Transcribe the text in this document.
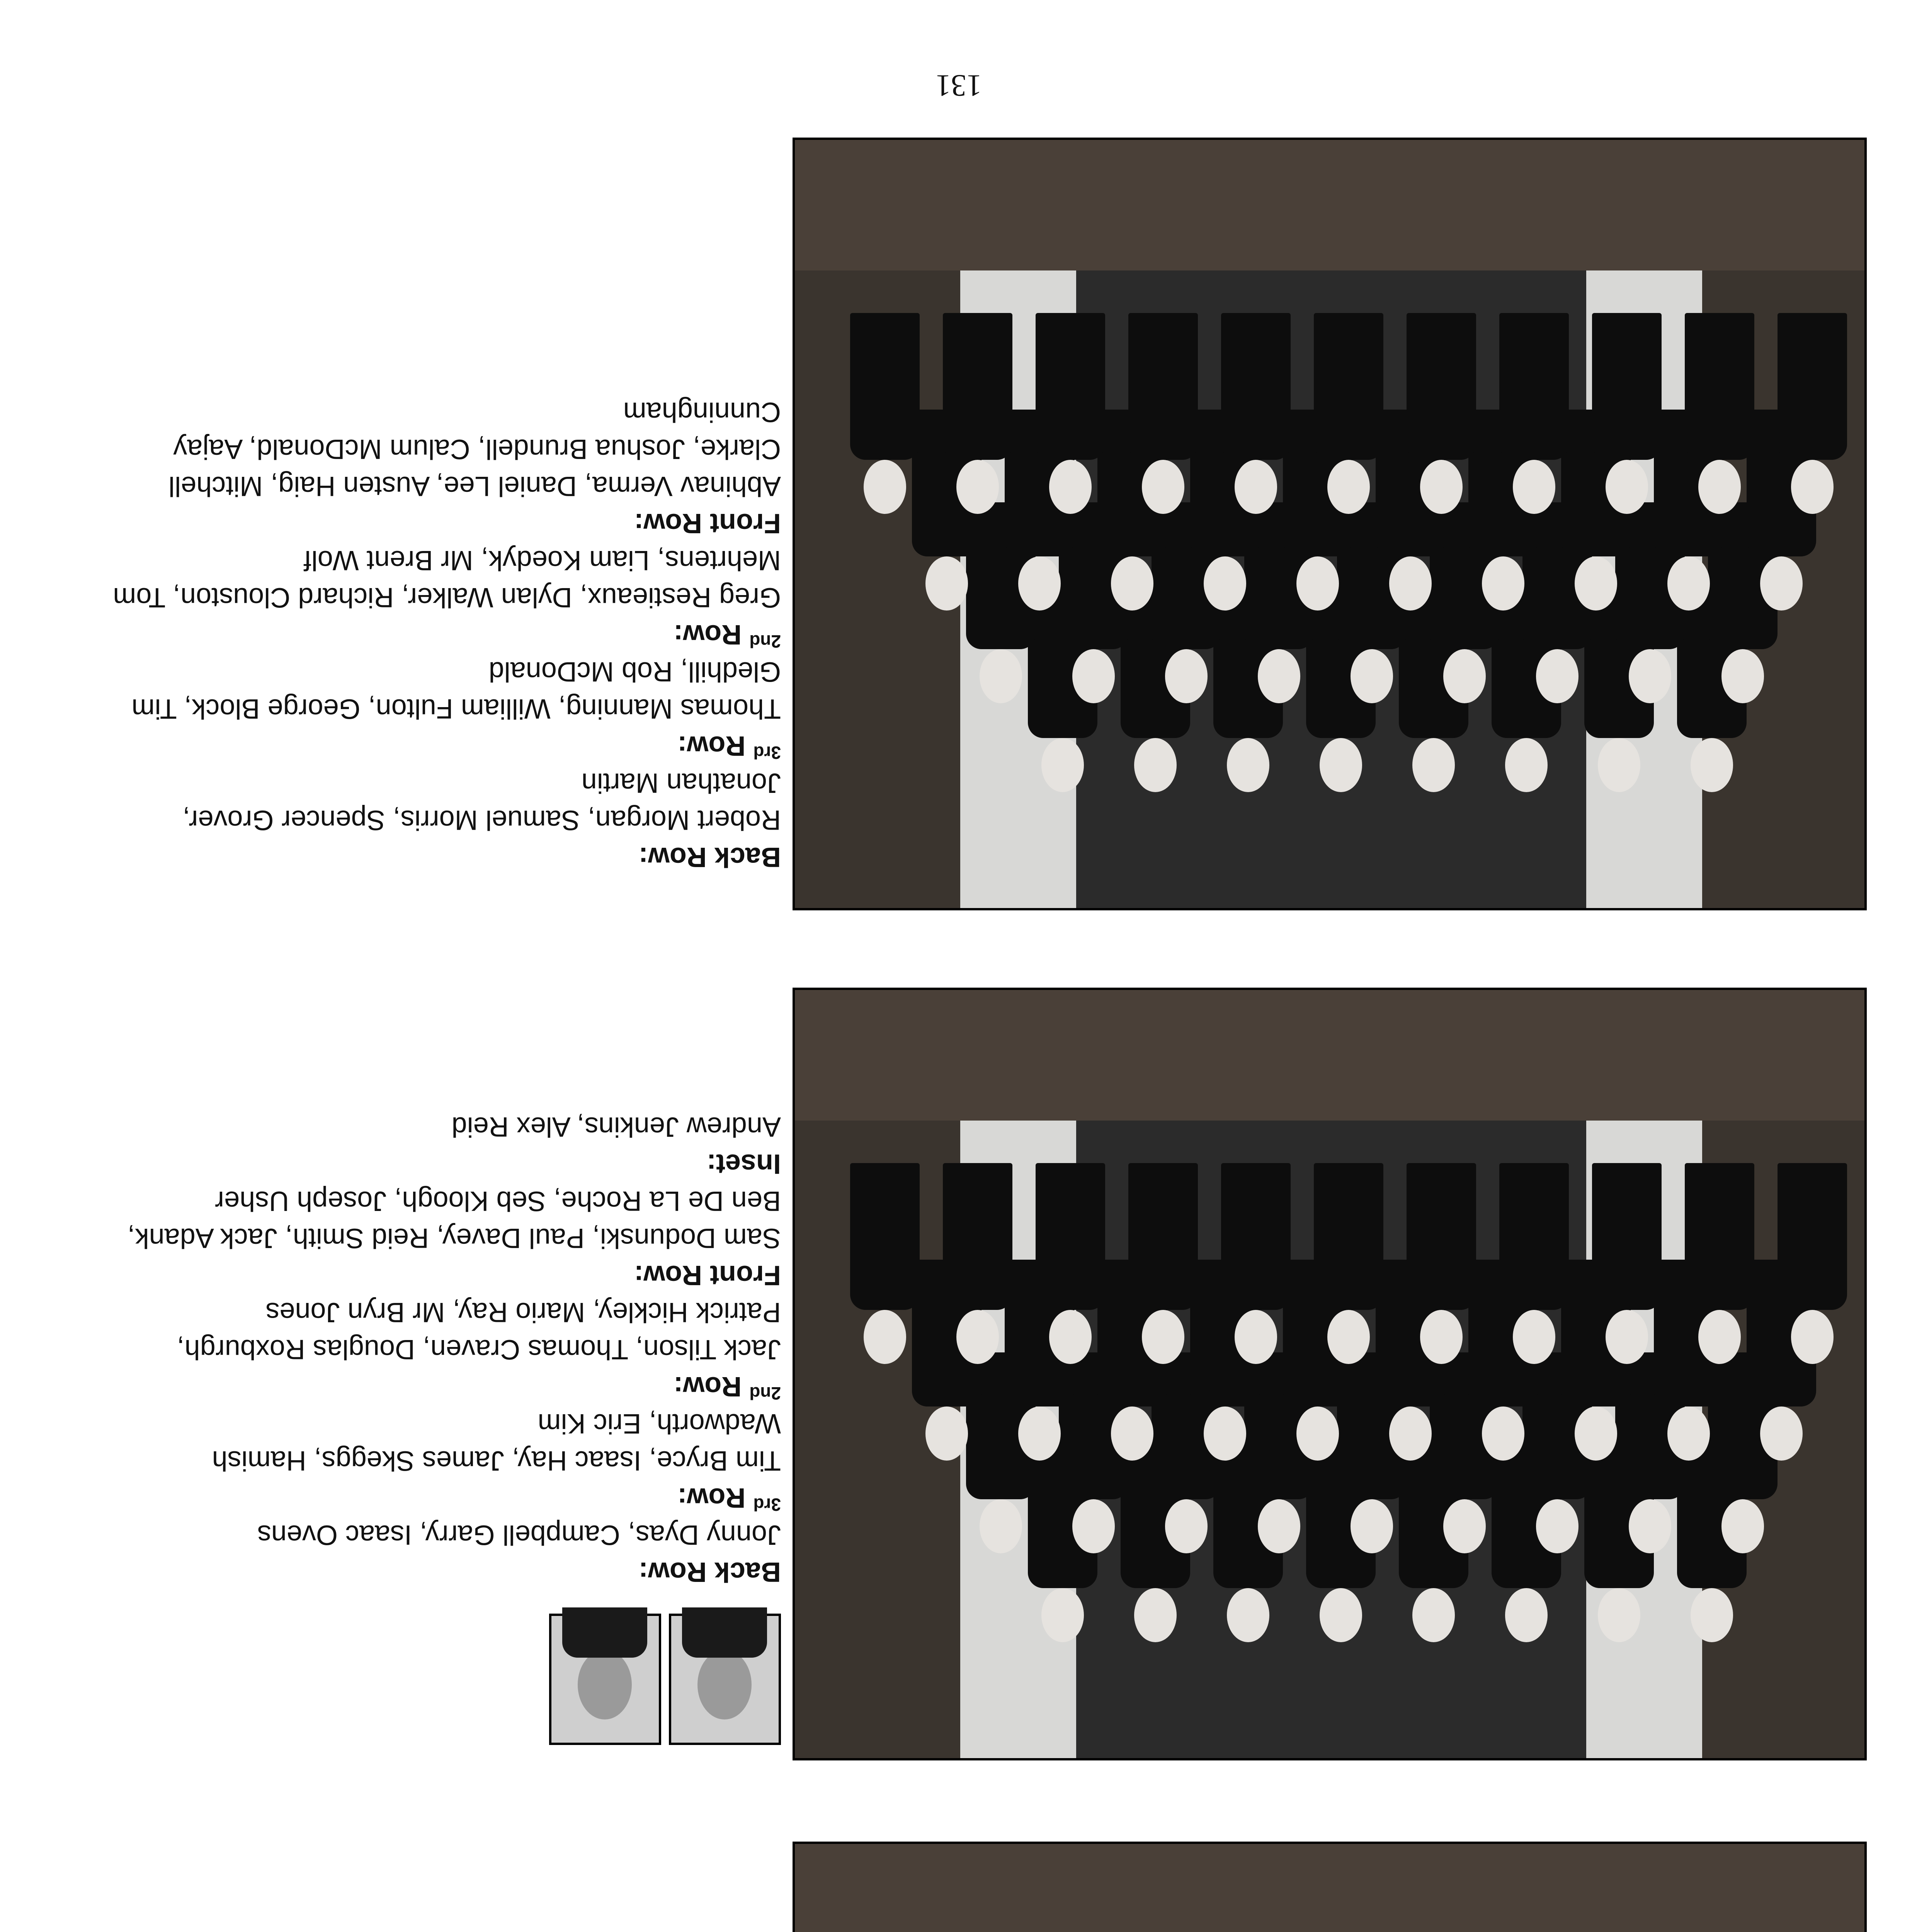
Back Row:
Jonny Dyas, Campbell Garry, Isaac Ovens
$^{3rd}$ Row:
Tim Bryce, Isaac Hay, James Skeggs, Hamish Wadworth, Eric Kim
$^{2nd}$ Row:
Jack Tilson, Thomas Craven, Douglas Roxburgh, Patrick Hickley, Mario Ray, Mr Bryn Jones
Front Row:
Sam Dodunski, Paul Davey, Reid Smith, Jack Adank, Ben De La Roche, Seb Kloogh, Joseph Usher
Inset:
Andrew Jenkins, Alex Reid
Back Row:
Robert Morgan, Samuel Morris, Spencer Grover, Jonathan Martin
$^{3rd}$ Row:
Thomas Manning, William Fulton, George Block, Tim Gledhill, Rob McDonald
$^{2nd}$ Row:
Greg Restieaux, Dylan Walker, Richard Clouston, Tom Mehrtens, Liam Koedyk, Mr Brent Wolf
Front Row:
Abhinav Verma, Daniel Lee, Austen Haig, Mitchell Clarke, Joshua Brundell, Calum McDonald, Aajay Cunningham
131
